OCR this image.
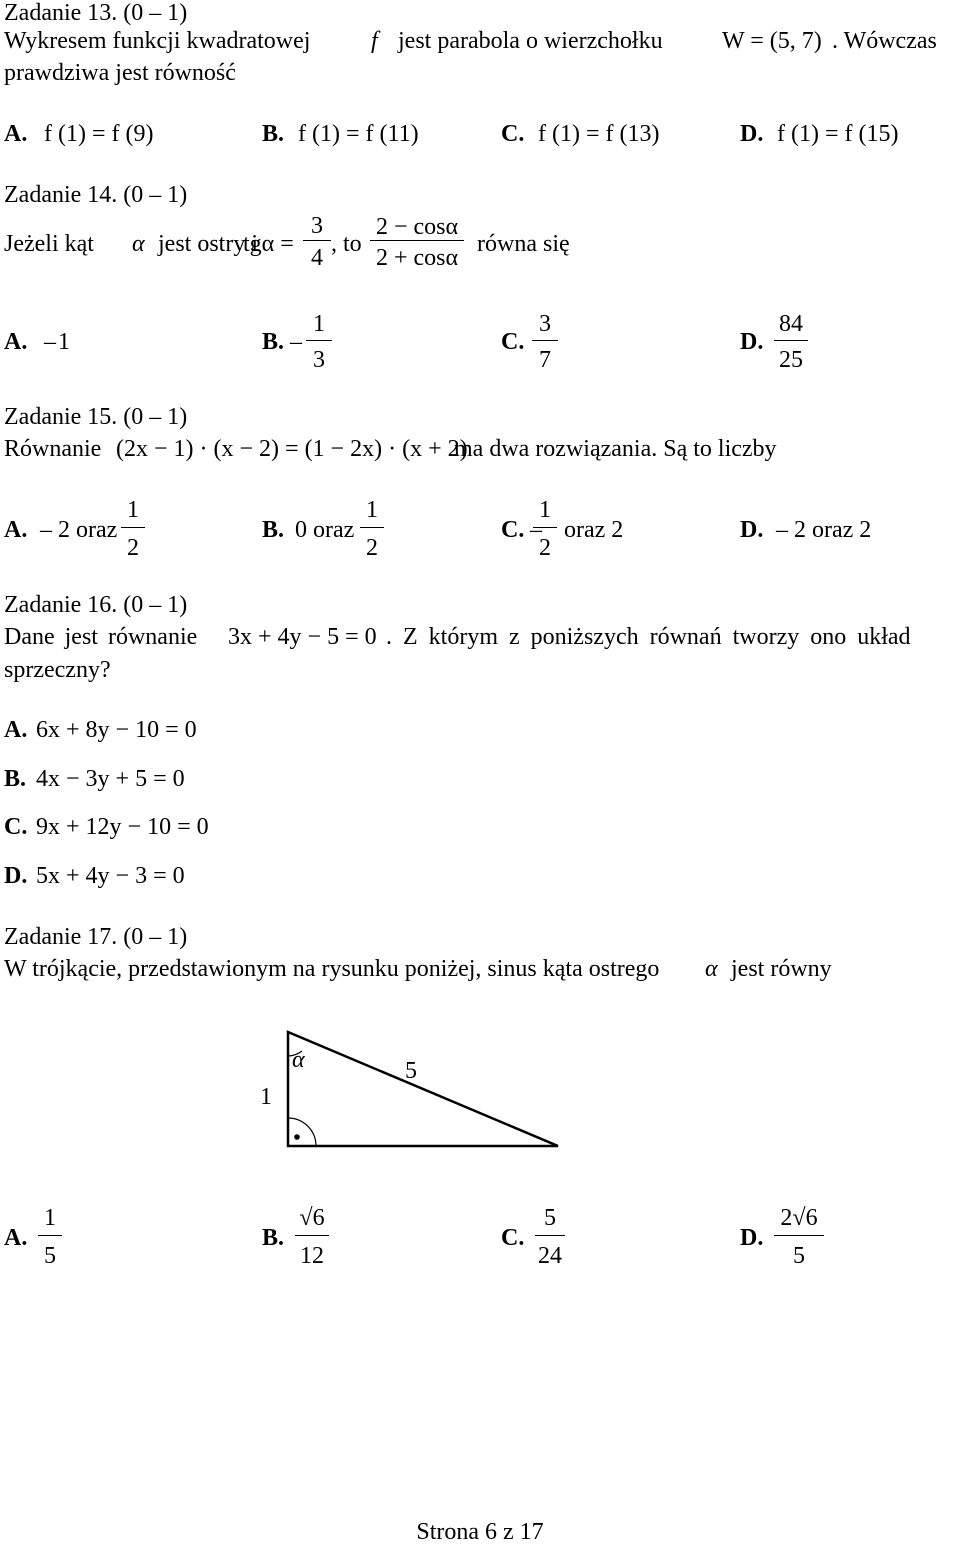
Zadanie 13. (0 – 1)
Wykresem funkcji kwadratowej	f jest parabola o wierzchołku W = (5, 7) . Wówczas
prawdziwa jest równość
A. f (1) = f (9)	B. f (1) = f (11)	C. f (1) = f (13)	D. f (1) = f (15)
Zadanie 14. (0 – 1)
Jeżeli kąt α jest ostry i
tgα =
3
4
, to
2 − cosα
2 + cosα
równa się
A. – 1	B. –
1
3
C.
3
7
D.
84
25
Zadanie 15. (0 – 1)
Równanie (2x − 1) · (x − 2) = (1 − 2x) · (x + 2)
ma dwa rozwiązania. Są to liczby
A. – 2 oraz
1
2
B. 0 oraz
1
2
C. –
1
2
oraz 2	D. – 2 oraz 2
Zadanie 16. (0 – 1)
Dane jest równanie 3x + 4y − 5 = 0 . Z którym z poniższych równań tworzy ono układ
sprzeczny?
A. 6x + 8y − 10 = 0
B. 4x − 3y + 5 = 0
C. 9x + 12y − 10 = 0
D. 5x + 4y − 3 = 0
Zadanie 17. (0 – 1)
W trójkącie, przedstawionym na rysunku poniżej, sinus kąta ostrego α jest równy
α
1
5
A.
1
5
B.
√6
12
C.
5
24
D.
2√6
5
Strona 6 z 17
